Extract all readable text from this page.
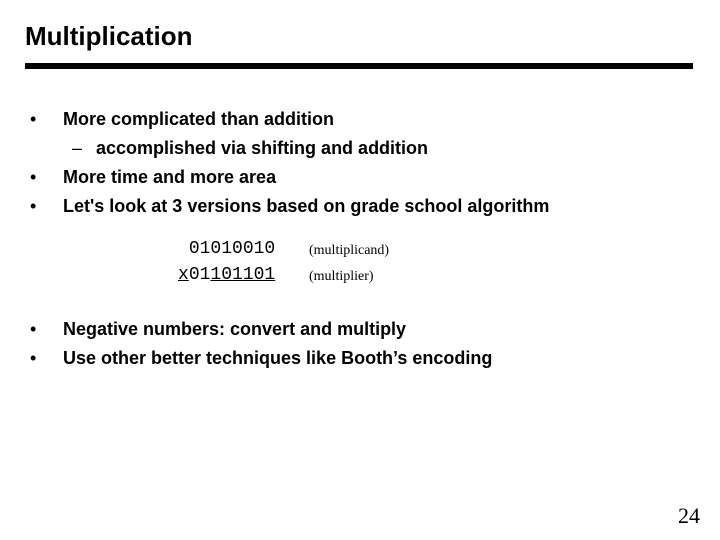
Multiplication
• More complicated than addition
– accomplished via shifting and addition
• More time and more area
• Let's look at 3 versions based on grade school algorithm
01010010
x01101101
(multiplicand)
(multiplier)
• Negative numbers: convert and multiply
• Use other better techniques like Booth’s encoding
24
